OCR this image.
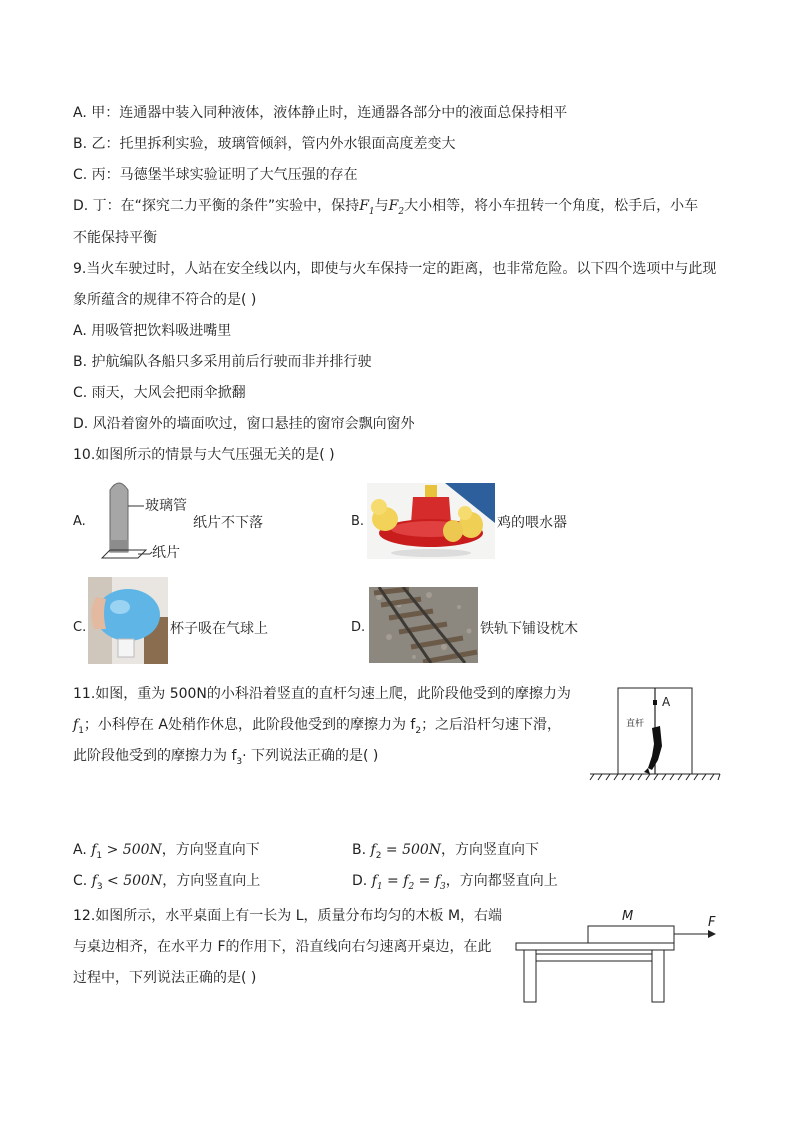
A. 甲：连通器中装入同种液体，液体静止时，连通器各部分中的液面总保持相平
B. 乙：托里拆利实验，玻璃管倾斜，管内外水银面高度差变大
C. 丙：马德堡半球实验证明了大气压强的存在
D. 丁：在“探究二力平衡的条件”实验中，保持$F_1$与$F_2$大小相等，将小车扭转一个角度，松手后，小车
不能保持平衡
9.当火车驶过时，人站在安全线以内，即使与火车保持一定的距离，也非常危险。以下四个选项中与此现
象所蕴含的规律不符合的是( )
A. 用吸管把饮料吸进嘴里
B. 护航编队各船只多采用前后行驶而非并排行驶
C. 雨天，大风会把雨伞掀翻
D. 风沿着窗外的墙面吹过，窗口悬挂的窗帘会飘向窗外
10.如图所示的情景与大气压强无关的是( )
A.
玻璃管
纸片
纸片不下落	B.	鸡的喂水器
C.	杯子吸在气球上	D.	铁轨下铺设枕木
11.如图，重为 500N的小科沿着竖直的直杆匀速上爬，此阶段他受到的摩擦力为
$f_1$；小科停在 A处稍作休息，此阶段他受到的摩擦力为 $f_2$；之后沿杆匀速下滑，
此阶段他受到的摩擦力为 $f_3\cdot$ 下列说法正确的是( )
A
直杆
A. $f_1 > 500N$，方向竖直向下	B. $f_2 = 500N$，方向竖直向下
C. $f_3 < 500N$，方向竖直向上	D. $f_1 = f_2 = f_3$，方向都竖直向上
12.如图所示，水平桌面上有一长为 L，质量分布均匀的木板 M，右端
与桌边相齐，在水平力 F的作用下，沿直线向右匀速离开桌边，在此
过程中，下列说法正确的是( )
M	F
